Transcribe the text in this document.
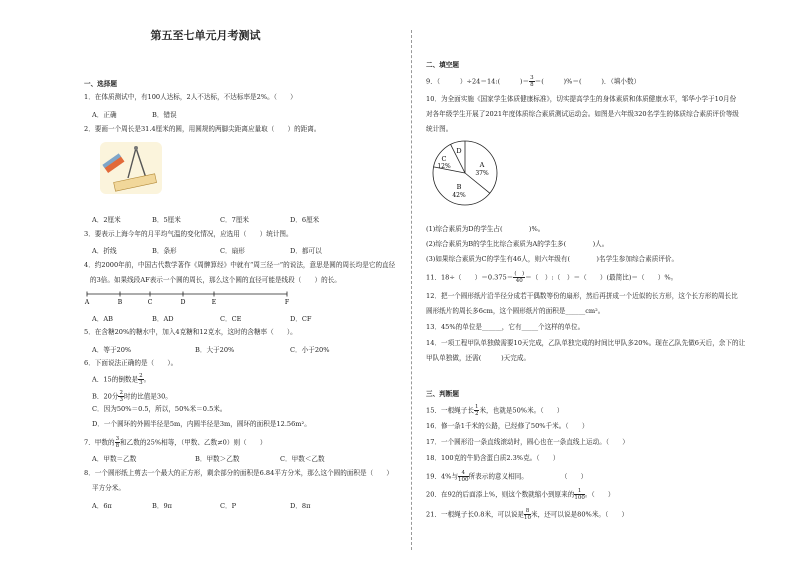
第五至七单元月考测试
一、选择题
1．在体质测试中，有100人达标，2人不达标，不达标率是2%。（　　）
A．正确	B．错误
2．要画一个周长是31.4厘米的圆，用圆规的两脚尖距离应量取（　　）的距离。
A．2厘米	B．5厘米	C．7厘米	D．6厘米
3．要表示上海今年的月平均气温的变化情况，应选用（　　）统计图。
A．折线	B．条形	C．扇形	D．都可以
4．约2000年前，中国古代数学著作《周髀算经》中就有“周三径一”的说法，意思是圆的周长均是它的直径
的3倍。如果线段AF表示一个圆的周长，那么这个圆的直径可能是线段（　　）的长。
A	B	C	D	E	F
A．AB	B．AD	C．CE	D．CF
5．在含糖20%的糖水中，加入4克糖和12克水，这时的含糖率（　　）。
A．等于20%	B．大于20%	C．小于20%
6．下面说法正确的是（　　）。
A．15的倒数是 $\frac{2}{3}$ 。
B．20分 $\frac{2}{3}$ 时的比值是30。
C．因为50%＝0.5，所以，50%米＝0.5米。
D．一个圆环的外圆半径是5m，内圆半径是3m，圆环的面积是12.56m²。
7．甲数的 $\frac{3}{8}$ 和乙数的25%相等，（甲数、乙数≠0）则（　　）
A．甲数＝乙数	B．甲数＞乙数	C．甲数＜乙数
8．一个圆形纸上剪去一个最大的正方形，剩余部分的面积是6.84平方分米，那么这个圆的面积是（　　）
平方分米。
A．6π	B．9π	C．P	D．8π
二、填空题
9．（　　　）÷24＝14:(　　　)＝ $\frac{3}{8}$ ＝(　　　)%＝(　　　)．（填小数）
10．为全面实施《国家学生体质健康标准》，切实提高学生的身体素质和体质健康水平，邹华小学于10月份
对各年级学生开展了2021年度体质综合素质测试运动会。如图是六年级320名学生的体质综合素质评价等级
统计图。
A
37%
B
42%
C
12%
D
(1)综合素质为D的学生占(　　　　)%。
(2)综合素质为B的学生比综合素质为A的学生多(　　　　)人。
(3)如果综合素质为C的学生有46人，则六年级有(　　　　)名学生参加综合素质评价。
11．18÷（　　）$=0.375= \frac{( )}{40}$ ＝（　）:（　）＝（　　）(最简比)＝（　　）%。
12．把一个圆形纸片沿半径分成若干偶数等份的扇形，然后再拼成一个近似的长方形，这个长方形的周长比
圆形纸片的周长多6cm，这个圆形纸片的面积是______cm²。
13．45%的单位是______，它有_____个这样的单位。
14．一项工程甲队单独做需要10天完成，乙队单独完成的时间比甲队多20%。现在乙队先做6天后，余下的让
甲队单独做，还需(　　　)天完成。
三、判断题
15．一根绳子长 $\frac{1}{2}$ 米，也就是50%米。（　　）
16．修一条1千米的公路，已经修了50%千米。（　　）
17．一个圆形沿一条直线滚动时，圆心也在一条直线上运动。（　　）
18．100克的牛奶含蛋白质2.3%克。（　　）
19．4%与 $\frac{4}{100}$ 所表示的意义相同。　　　　　　（　　）
20．在92的后面添上%，则这个数就缩小到原来的 $\frac{1}{100}$ 。（　　）
21．一根绳子长0.8米，可以说是 $\frac{8}{10}$ 米，还可以说是80%米。（　　）
